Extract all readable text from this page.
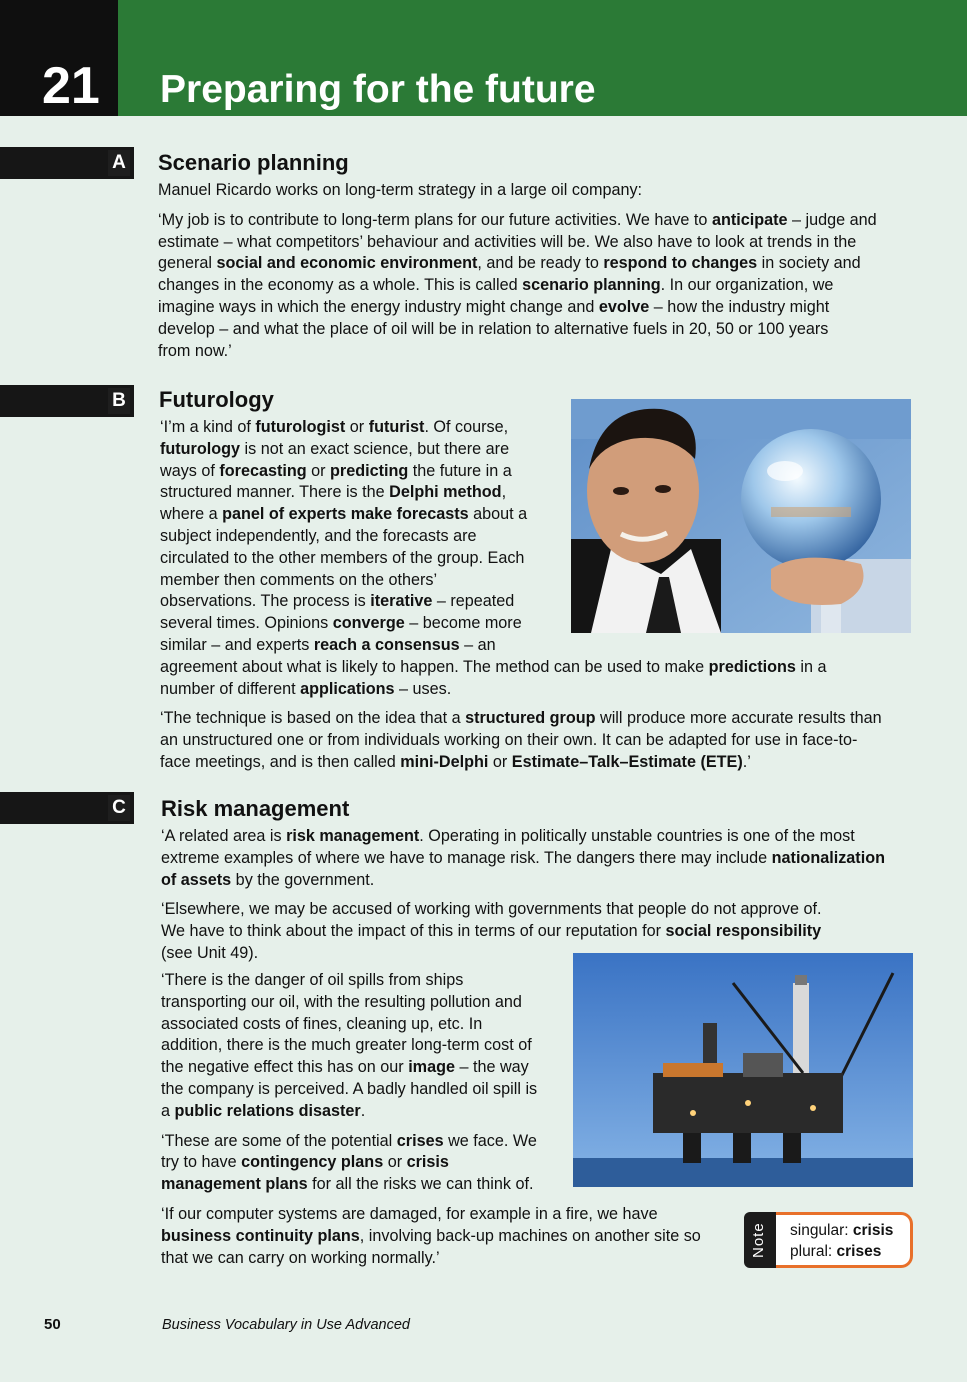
21 Preparing for the future
A Scenario planning
Manuel Ricardo works on long-term strategy in a large oil company:
‘My job is to contribute to long-term plans for our future activities. We have to anticipate – judge and
estimate – what competitors’ behaviour and activities will be. We also have to look at trends in the
general social and economic environment, and be ready to respond to changes in society and
changes in the economy as a whole. This is called scenario planning. In our organization, we
imagine ways in which the energy industry might change and evolve – how the industry might
develop – and what the place of oil will be in relation to alternative fuels in 20, 50 or 100 years
from now.’
B Futurology
‘I’m a kind of futurologist or futurist. Of course,
futurology is not an exact science, but there are
ways of forecasting or predicting the future in a
structured manner. There is the Delphi method,
where a panel of experts make forecasts about a
subject independently, and the forecasts are
circulated to the other members of the group. Each
member then comments on the others’
observations. The process is iterative – repeated
several times. Opinions converge – become more
similar – and experts reach a consensus – an
agreement about what is likely to happen. The method can be used to make predictions in a
number of different applications – uses.
‘The technique is based on the idea that a structured group will produce more accurate results than
an unstructured one or from individuals working on their own. It can be adapted for use in face-to-
face meetings, and is then called mini-Delphi or Estimate–Talk–Estimate (ETE).’
C Risk management
‘A related area is risk management. Operating in politically unstable countries is one of the most
extreme examples of where we have to manage risk. The dangers there may include nationalization
of assets by the government.
‘Elsewhere, we may be accused of working with governments that people do not approve of.
We have to think about the impact of this in terms of our reputation for social responsibility
(see Unit 49).
‘There is the danger of oil spills from ships
transporting our oil, with the resulting pollution and
associated costs of fines, cleaning up, etc. In
addition, there is the much greater long-term cost of
the negative effect this has on our image – the way
the company is perceived. A badly handled oil spill is
a public relations disaster.
‘These are some of the potential crises we face. We
try to have contingency plans or crisis
management plans for all the risks we can think of.
‘If our computer systems are damaged, for example in a fire, we have
business continuity plans, involving back-up machines on another site so
that we can carry on working normally.’	Note singular: crisis
plural: crises
50	Business Vocabulary in Use Advanced
